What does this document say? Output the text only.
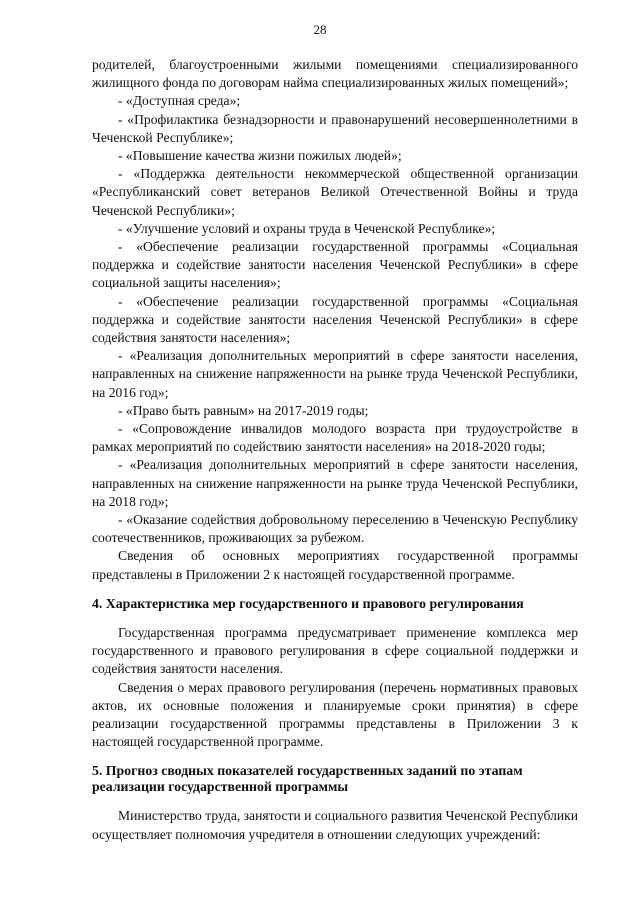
28

родителей, благоустроенными жилыми помещениями специализированного жилищного фонда по договорам найма специализированных жилых помещений»;

- «Доступная среда»;

- «Профилактика безнадзорности и правонарушений несовершеннолетними в Чеченской Республике»;

- «Повышение качества жизни пожилых людей»;

- «Поддержка деятельности некоммерческой общественной организации «Республиканский совет ветеранов Великой Отечественной Войны и труда Чеченской Республики»;

- «Улучшение условий и охраны труда в Чеченской Республике»;

- «Обеспечение реализации государственной программы «Социальная поддержка и содействие занятости населения Чеченской Республики» в сфере социальной защиты населения»;

- «Обеспечение реализации государственной программы «Социальная поддержка и содействие занятости населения Чеченской Республики» в сфере содействия занятости населения»;

- «Реализация дополнительных мероприятий в сфере занятости населения, направленных на снижение напряженности на рынке труда Чеченской Республики, на 2016 год»;

- «Право быть равным» на 2017-2019 годы;

- «Сопровождение инвалидов молодого возраста при трудоустройстве в рамках мероприятий по содействию занятости населения» на 2018-2020 годы;

- «Реализация дополнительных мероприятий в сфере занятости населения, направленных на снижение напряженности на рынке труда Чеченской Республики, на 2018 год»;

- «Оказание содействия добровольному переселению в Чеченскую Республику соотечественников, проживающих за рубежом.

Сведения об основных мероприятиях государственной программы представлены в Приложении 2 к настоящей государственной программе.

4. Характеристика мер государственного и правового регулирования

Государственная программа предусматривает применение комплекса мер государственного и правового регулирования в сфере социальной поддержки и содействия занятости населения.

Сведения о мерах правового регулирования (перечень нормативных правовых актов, их основные положения и планируемые сроки принятия) в сфере реализации государственной программы представлены в Приложении 3 к настоящей государственной программе.

5. Прогноз сводных показателей государственных заданий по этапам

реализации государственной программы

Министерство труда, занятости и социального развития Чеченской Республики осуществляет полномочия учредителя в отношении следующих учреждений:
